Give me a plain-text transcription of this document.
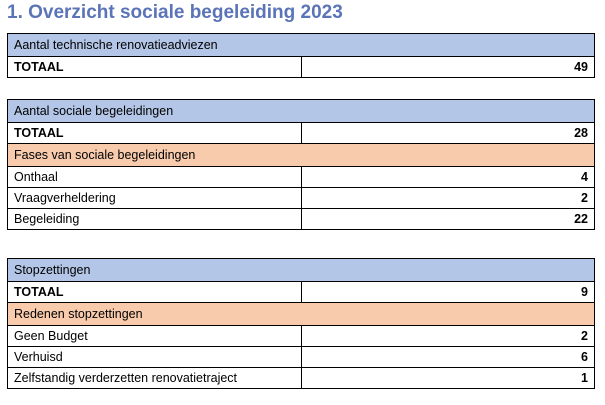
1. Overzicht sociale begeleiding 2023
Aantal technische renovatieadviezen
TOTAAL	49
Aantal sociale begeleidingen	
TOTAAL	28
Fases van sociale begeleidingen	
Onthaal	4
Vraagverheldering	2
Begeleiding	22
Stopzettingen	
TOTAAL	9
Redenen stopzettingen	
Geen Budget	2
Verhuisd	6
Zelfstandig verderzetten renovatietraject	1
